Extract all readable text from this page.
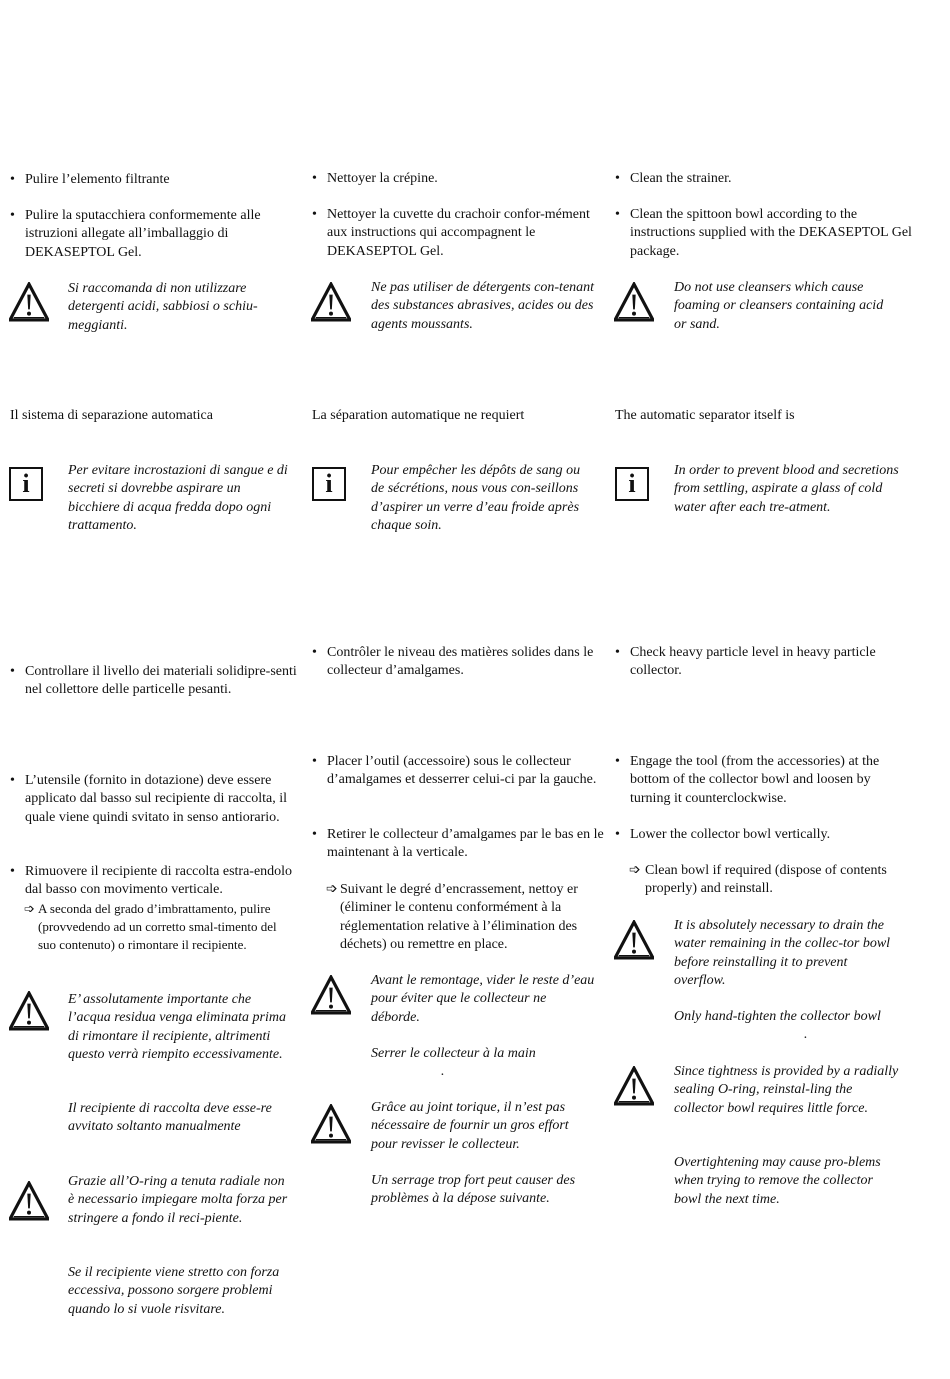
• Pulire l’elemento filtrante
• Pulire la sputacchiera conformemente alle istruzioni allegate all’imballaggio di DEKASEPTOL Gel.
Si raccomanda di non utilizzare detergenti acidi, sabbiosi o schiu-meggianti.
Il sistema di separazione automatica
i	Per evitare incrostazioni di sangue e di secreti si dovrebbe aspirare un bicchiere di acqua fredda dopo ogni trattamento.
• Controllare il livello dei materiali solidipre-senti nel collettore delle particelle pesanti.
• L’utensile (fornito in dotazione) deve essere applicato dal basso sul recipiente di raccolta, il quale viene quindi svitato in senso antiorario.
• Rimuovere il recipiente di raccolta estra-endolo dal basso con movimento verticale.
➩ A seconda del grado d’imbrattamento, pulire (provvedendo ad un corretto smal-timento del suo contenuto) o rimontare il recipiente.
E’ assolutamente importante che l’acqua residua venga eliminata prima di rimontare il recipiente, altrimenti questo verrà riempito eccessivamente.
Il recipiente di raccolta deve esse-re avvitato soltanto manualmente
Grazie all’O-ring a tenuta radiale non è necessario impiegare molta forza per stringere a fondo il reci-piente.
Se il recipiente viene stretto con forza eccessiva, possono sorgere problemi quando lo si vuole risvitare.
• Nettoyer la crépine.
• Nettoyer la cuvette du crachoir confor-mément aux instructions qui accompagnent le DEKASEPTOL Gel.
Ne pas utiliser de détergents con-tenant des substances abrasives, acides ou des agents moussants.
La séparation automatique ne requiert
i	Pour empêcher les dépôts de sang ou de sécrétions, nous vous con-seillons d’aspirer un verre d’eau froide après chaque soin.
• Contrôler le niveau des matières solides dans le collecteur d’amalgames.
• Placer l’outil (accessoire) sous le collecteur d’amalgames et desserrer celui-ci par la gauche.
• Retirer le collecteur d’amalgames par le bas en le maintenant à la verticale.
➩ Suivant le degré d’encrassement, nettoy er (éliminer le contenu conformément à la réglementation relative à l’élimination des déchets) ou remettre en place.
Avant le remontage, vider le reste d’eau pour éviter que le collecteur ne déborde.
Serrer le collecteur à la main
.
Grâce au joint torique, il n’est pas nécessaire de fournir un gros effort pour revisser le collecteur.
Un serrage trop fort peut causer des problèmes à la dépose suivante.
• Clean the strainer.
• Clean the spittoon bowl according to the instructions supplied with the DEKASEPTOL Gel package.
Do not use cleansers which cause foaming or cleansers containing acid or sand.
The automatic separator itself is
i	In order to prevent blood and secretions from settling, aspirate a glass of cold water after each tre-atment.
• Check heavy particle level in heavy particle collector.
• Engage the tool (from the accessories) at the bottom of the collector bowl and loosen by turning it counterclockwise.
• Lower the collector bowl vertically.
➩ Clean bowl if required (dispose of contents properly) and reinstall.
It is absolutely necessary to drain the water remaining in the collec-tor bowl before reinstalling it to prevent overflow.
Only hand-tighten the collector bowl.
Since tightness is provided by a radially sealing O-ring, reinstal-ling the collector bowl requires little force.
Overtightening may cause pro-blems when trying to remove the collector bowl the next time.
